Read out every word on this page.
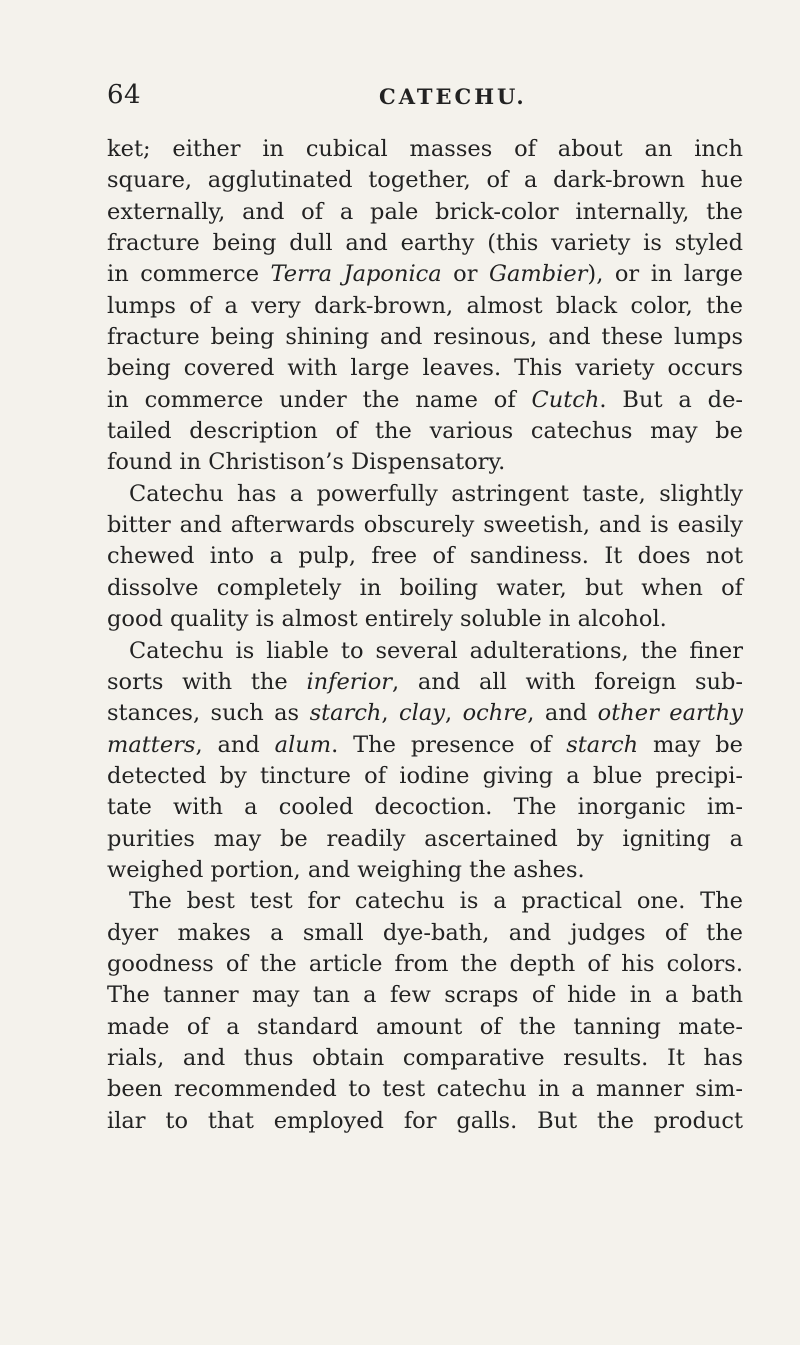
64	CATECHU.
ket; either in cubical masses of about an inch
square, agglutinated together, of a dark-brown hue
externally, and of a pale brick-color internally, the
fracture being dull and earthy (this variety is styled
in commerce Terra Japonica or Gambier), or in large
lumps of a very dark-brown, almost black color, the
fracture being shining and resinous, and these lumps
being covered with large leaves. This variety occurs
in commerce under the name of Cutch. But a de-
tailed description of the various catechus may be
found in Christison’s Dispensatory.
Catechu has a powerfully astringent taste, slightly
bitter and afterwards obscurely sweetish, and is easily
chewed into a pulp, free of sandiness. It does not
dissolve completely in boiling water, but when of
good quality is almost entirely soluble in alcohol.
Catechu is liable to several adulterations, the finer
sorts with the inferior, and all with foreign sub-
stances, such as starch, clay, ochre, and other earthy
matters, and alum. The presence of starch may be
detected by tincture of iodine giving a blue precipi-
tate with a cooled decoction. The inorganic im-
purities may be readily ascertained by igniting a
weighed portion, and weighing the ashes.
The best test for catechu is a practical one. The
dyer makes a small dye-bath, and judges of the
goodness of the article from the depth of his colors.
The tanner may tan a few scraps of hide in a bath
made of a standard amount of the tanning mate-
rials, and thus obtain comparative results. It has
been recommended to test catechu in a manner sim-
ilar to that employed for galls. But the product
